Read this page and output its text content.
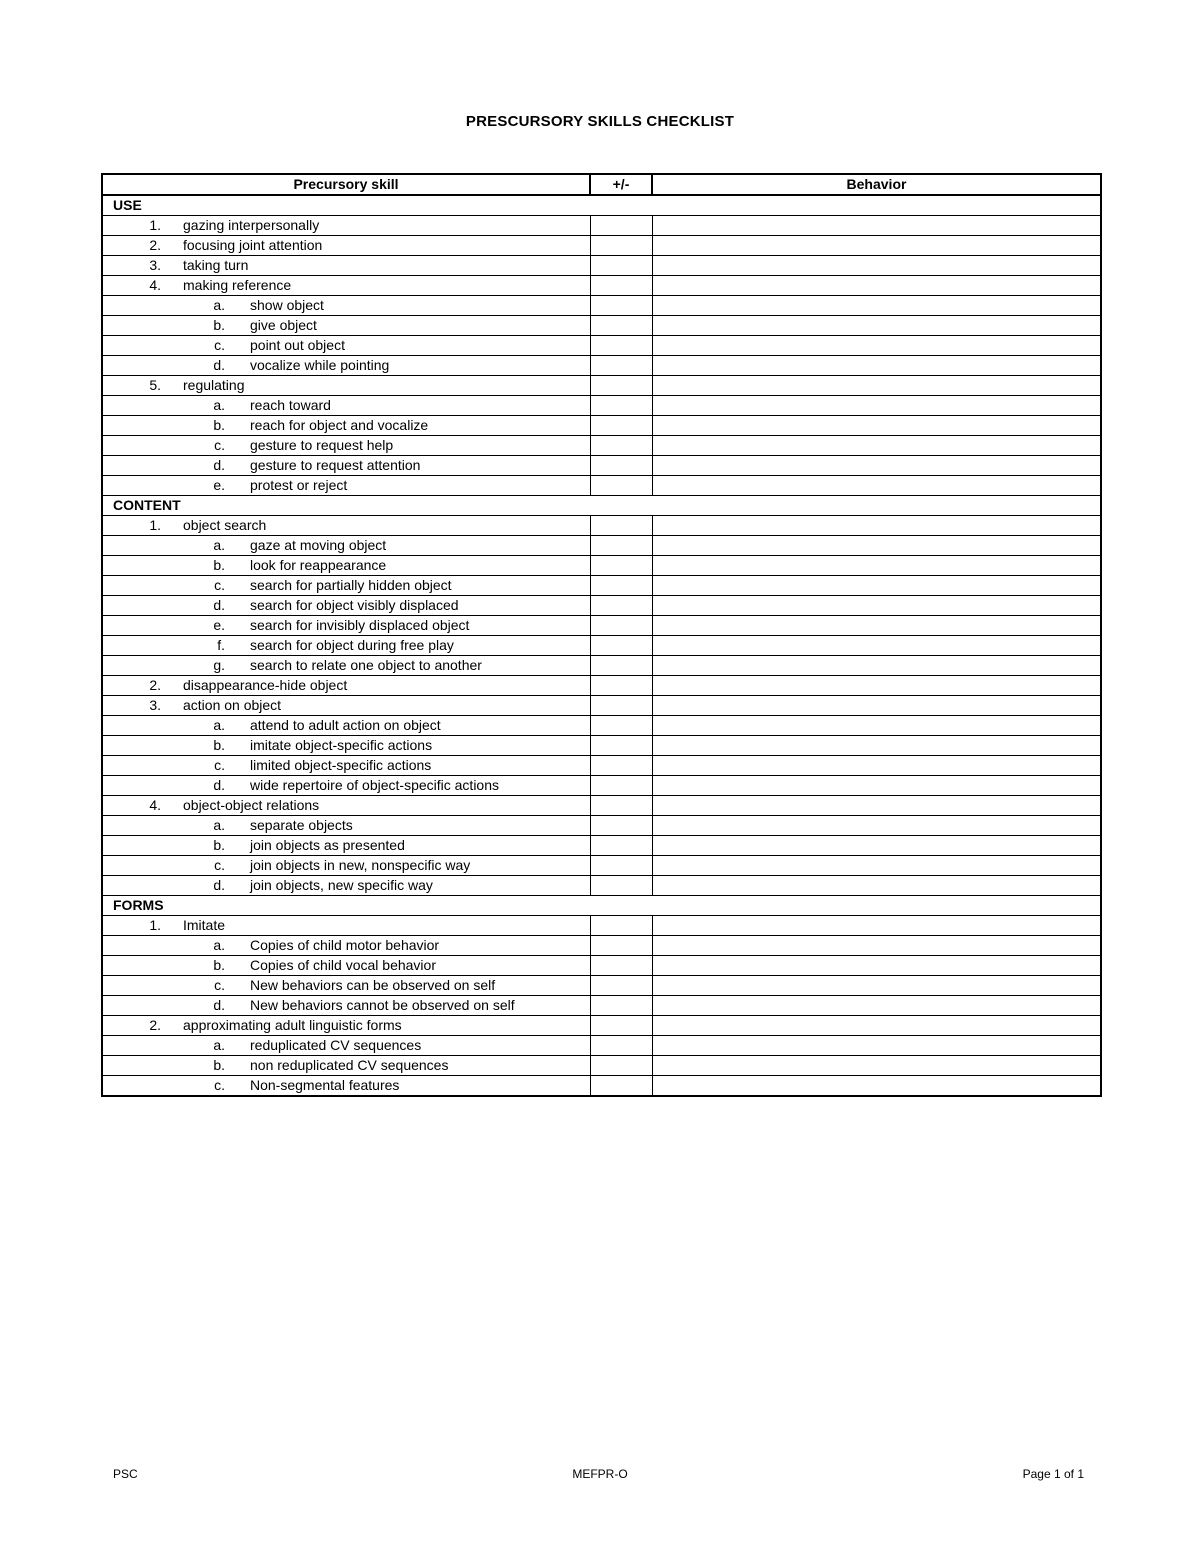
PRESCURSORY SKILLS CHECKLIST
Precursory skill	+/-	Behavior
USE		
1. gazing interpersonally		
2. focusing joint attention		
3. taking turn		
4. making reference		
a. show object		
b. give object		
c. point out object		
d. vocalize while pointing		
5. regulating		
a. reach toward		
b. reach for object and vocalize		
c. gesture to request help		
d. gesture to request attention		
e. protest or reject		
CONTENT		
1. object search		
a. gaze at moving object		
b. look for reappearance		
c. search for partially hidden object		
d. search for object visibly displaced		
e. search for invisibly displaced object		
f. search for object during free play		
g. search to relate one object to another		
2. disappearance-hide object		
3. action on object		
a. attend to adult action on object		
b. imitate object-specific actions		
c. limited object-specific actions		
d. wide repertoire of object-specific actions		
4. object-object relations		
a. separate objects		
b. join objects as presented		
c. join objects in new, nonspecific way		
d. join objects, new specific way		
FORMS		
1. Imitate		
a. Copies of child motor behavior		
b. Copies of child vocal behavior		
c. New behaviors can be observed on self		
d. New behaviors cannot be observed on self		
2. approximating adult linguistic forms		
a. reduplicated CV sequences		
b. non reduplicated CV sequences		
c. Non-segmental features		
PSC	MEFPR-O	Page 1 of 1
